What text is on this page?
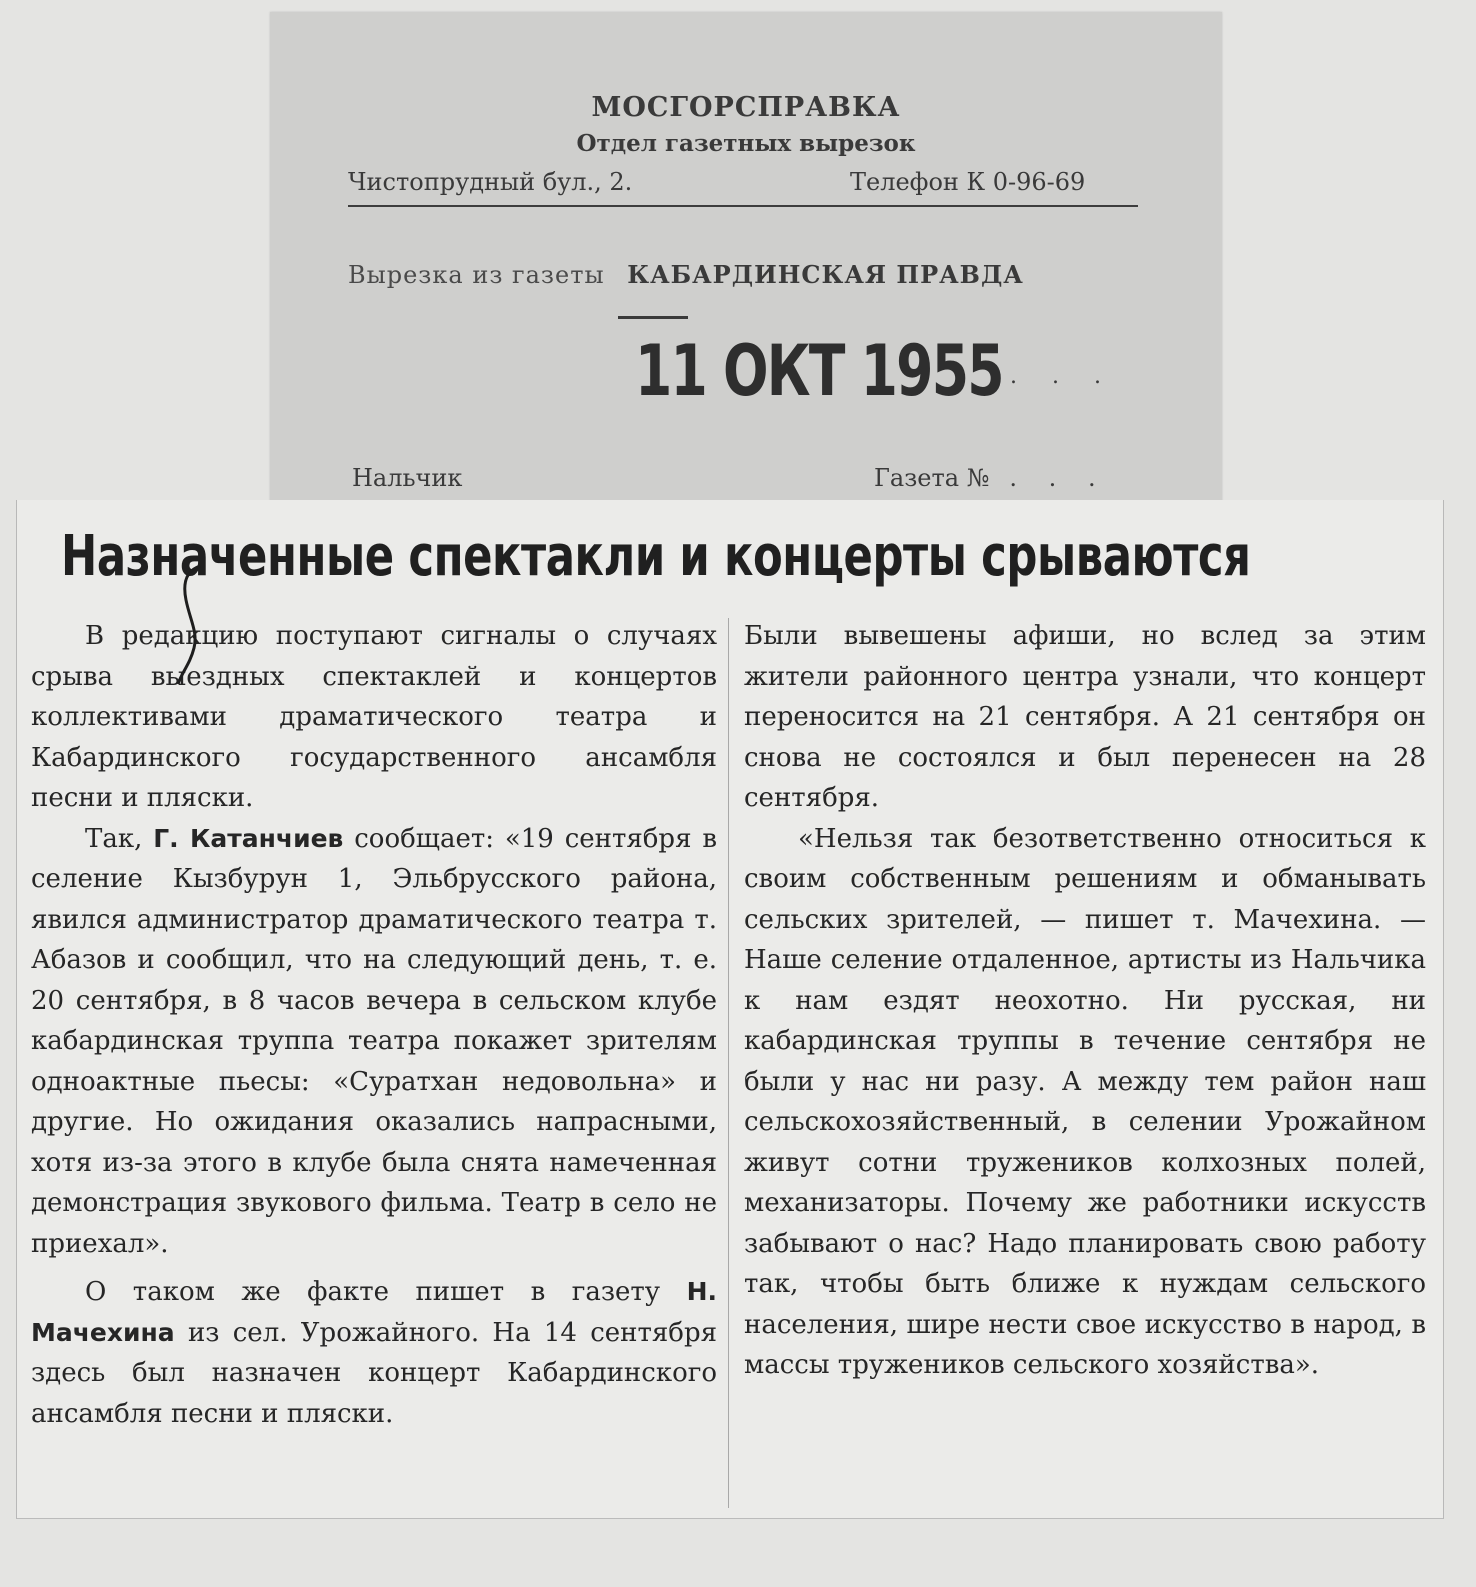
МОСГОРСПРАВКА
Отдел газетных вырезок
Чистопрудный бул., 2.	Телефон К 0-96-69
Вырезка из газеты КАБАРДИНСКАЯ ПРАВДА
11 ОКТ 1955 . . .
Нальчик	Газета № . . .
Назначенные спектакли и концерты срываются

В редакцию поступают сигналы о случаях срыва выездных спектаклей и концертов коллективами драматического театра и Кабардинского государственного ансамбля песни и пляски.

Так, Г. Катанчиев сообщает: «19 сентября в селение Кызбурун 1, Эльбрусского района, явился администратор драматического театра т. Абазов и сообщил, что на следующий день, т. е. 20 сентября, в 8 часов вечера в сельском клубе кабардинская труппа театра покажет зрителям одноактные пьесы: «Суратхан недовольна» и другие. Но ожидания оказались напрасными, хотя из-за этого в клубе была снята намеченная демонстрация звукового фильма. Театр в село не приехал».

О таком же факте пишет в газету Н. Мачехина из сел. Урожайного. На 14 сентября здесь был назначен концерт Кабардинского ансамбля песни и пляски.

Были вывешены афиши, но вслед за этим жители районного центра узнали, что концерт переносится на 21 сентября. А 21 сентября он снова не состоялся и был перенесен на 28 сентября.

«Нельзя так безответственно относиться к своим собственным решениям и обманывать сельских зрителей, — пишет т. Мачехина. — Наше селение отдаленное, артисты из Нальчика к нам ездят неохотно. Ни русская, ни кабардинская труппы в течение сентября не были у нас ни разу. А между тем район наш сельскохозяйственный, в селении Урожайном живут сотни тружеников колхозных полей, механизаторы. Почему же работники искусств забывают о нас? Надо планировать свою работу так, чтобы быть ближе к нуждам сельского населения, шире нести свое искусство в народ, в массы тружеников сельского хозяйства».
